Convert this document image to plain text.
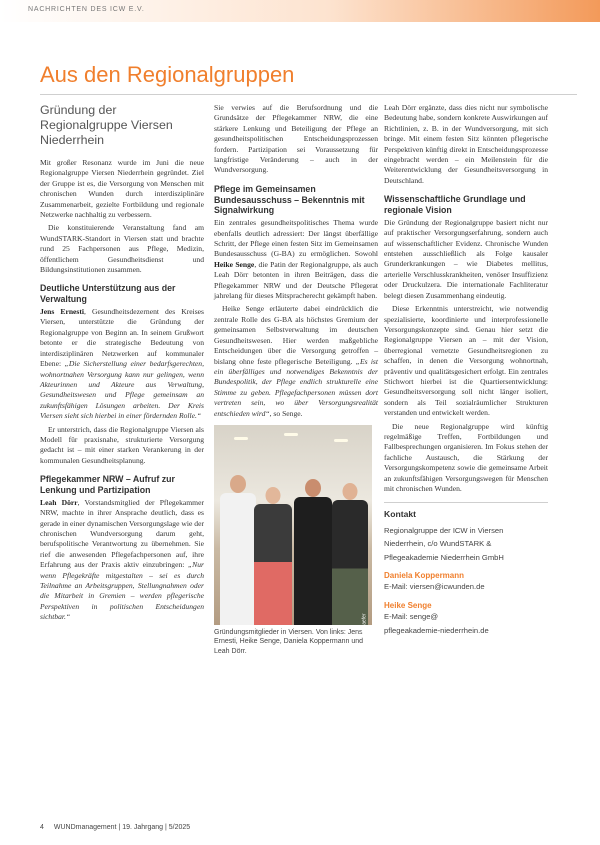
NACHRICHTEN DES ICW E.V.
Aus den Regionalgruppen
Gründung der Regionalgruppe Viersen Niederrhein

Mit großer Resonanz wurde im Juni die neue Regionalgruppe Viersen Niederrhein gegründet. Ziel der Gruppe ist es, die Versorgung von Menschen mit chronischen Wunden durch interdisziplinäre Zusammenarbeit, gezielte Fortbildung und regionale Netzwerke nachhaltig zu verbessern.

Die konstituierende Veranstaltung fand am WundSTARK-Standort in Viersen statt und brachte rund 25 Fachpersonen aus Pflege, Medizin, öffentlichem Gesundheitsdienst und Bildungsinstitutionen zusammen.

Deutliche Unterstützung aus der Verwaltung

Jens Ernesti, Gesundheitsdezernent des Kreises Viersen, unterstützte die Gründung der Regionalgruppe von Beginn an. In seinem Grußwort betonte er die strategische Bedeutung von interdisziplinären Netzwerken auf kommunaler Ebene: „Die Sicherstellung einer bedarfsgerechten, wohnortnahen Versorgung kann nur gelingen, wenn Akteurinnen und Akteure aus Verwaltung, Gesundheitswesen und Pflege gemeinsam an zukunftsfähigen Lösungen arbeiten. Der Kreis Viersen sieht sich hierbei in einer fördernden Rolle.“

Er unterstrich, dass die Regionalgruppe Viersen als Modell für praxisnahe, strukturierte Versorgung gedacht ist – mit einer starken Verankerung in der kommunalen Gesundheitsplanung.

Pflegekammer NRW – Aufruf zur Lenkung und Partizipation

Leah Dörr, Vorstandsmitglied der Pflegekammer NRW, machte in ihrer Ansprache deutlich, dass es gerade in einer dynamischen Versorgungslage wie der chronischen Wundversorgung darum geht, berufspolitische Verantwortung zu übernehmen. Sie rief die anwesenden Pflegefachpersonen auf, ihre Erfahrung aus der Praxis aktiv einzubringen: „Nur wenn Pflegekräfte mitgestalten – sei es durch Teilnahme an Arbeitsgruppen, Stellungnahmen oder die Mitarbeit in Gremien – werden pflegerische Perspektiven in politischen Entscheidungen sichtbar.“

Sie verwies auf die Berufsordnung und die Grundsätze der Pflegekammer NRW, die eine stärkere Lenkung und Beteiligung der Pflege an gesundheitspolitischen Entscheidungsprozessen fordern. Partizipation sei Voraussetzung für langfristige Veränderung – auch in der Wundversorgung.

Pflege im Gemeinsamen Bundesausschuss – Bekenntnis mit Signalwirkung

Ein zentrales gesundheitspolitisches Thema wurde ebenfalls deutlich adressiert: Der längst überfällige Schritt, der Pflege einen festen Sitz im Gemeinsamen Bundesausschuss (G-BA) zu ermöglichen. Sowohl Heike Senge, die Patin der Regionalgruppe, als auch Leah Dörr betonten in ihren Beiträgen, dass die Pflegekammer NRW und der Deutsche Pflegerat jahrelang für dieses Mitspracherecht gekämpft haben.

Heike Senge erläuterte dabei eindrücklich die zentrale Rolle des G-BA als höchstes Gremium der gemeinsamen Selbstverwaltung im deutschen Gesundheitswesen. Hier werden maßgebliche Entscheidungen über die Versorgung getroffen – bislang ohne feste pflegerische Beteiligung. „Es ist ein überfälliges und notwendiges Bekenntnis der Bundespolitik, der Pflege endlich strukturelle eine Stimme zu geben. Pflegefachpersonen müssen dort vertreten sein, wo über Versorgungsrealität entschieden wird“, so Senge.

© Schaefer
Gründungsmitglieder in Viersen. Von links: Jens Ernesti, Heike Senge, Daniela Koppermann und Leah Dörr.

Leah Dörr ergänzte, dass dies nicht nur symbolische Bedeutung habe, sondern konkrete Auswirkungen auf Richtlinien, z. B. in der Wundversorgung, mit sich bringe. Mit einem festen Sitz könnten pflegerische Perspektiven künftig direkt in Entscheidungsprozesse eingebracht werden – ein Meilenstein für die Weiterentwicklung der Gesundheitsversorgung in Deutschland.

Wissenschaftliche Grundlage und regionale Vision

Die Gründung der Regionalgruppe basiert nicht nur auf praktischer Versorgungserfahrung, sondern auch auf wissenschaftlicher Evidenz. Chronische Wunden entstehen ausschließlich als Folge kausaler Grunderkrankungen – wie Diabetes mellitus, arterielle Verschlusskrankheiten, venöser Insuffizienz oder Druckulzera. Die internationale Fachliteratur belegt diesen Zusammenhang eindeutig.

Diese Erkenntnis unterstreicht, wie notwendig spezialisierte, koordinierte und interprofessionelle Versorgungskonzepte sind. Genau hier setzt die Regionalgruppe Viersen an – mit der Vision, überregional vernetzte Gesundheitsregionen zu schaffen, in denen die Versorgung wohnortnah, präventiv und qualitätsgesichert erfolgt. Ein zentrales Stichwort hierbei ist die Quartiersentwicklung: Gesundheitsversorgung soll nicht länger isoliert, sondern als Teil sozialräumlicher Strukturen verstanden und entwickelt werden.

Die neue Regionalgruppe wird künftig regelmäßige Treffen, Fortbildungen und Fallbesprechungen organisieren. Im Fokus stehen der fachliche Austausch, die Stärkung der Versorgungskompetenz sowie die gemeinsame Arbeit an zukunftsfähigen Versorgungswegen für Menschen mit chronischen Wunden.

Kontakt

Regionalgruppe der ICW in Viersen

Niederrhein, c/o WundSTARK &

Pflegeakademie Niederrhein GmbH

Daniela Koppermann

E-Mail: viersen@icwunden.de

Heike Senge

E-Mail: senge@

pflegeakademie-niederrhein.de

4 WUNDmanagement | 19. Jahrgang | 5/2025
